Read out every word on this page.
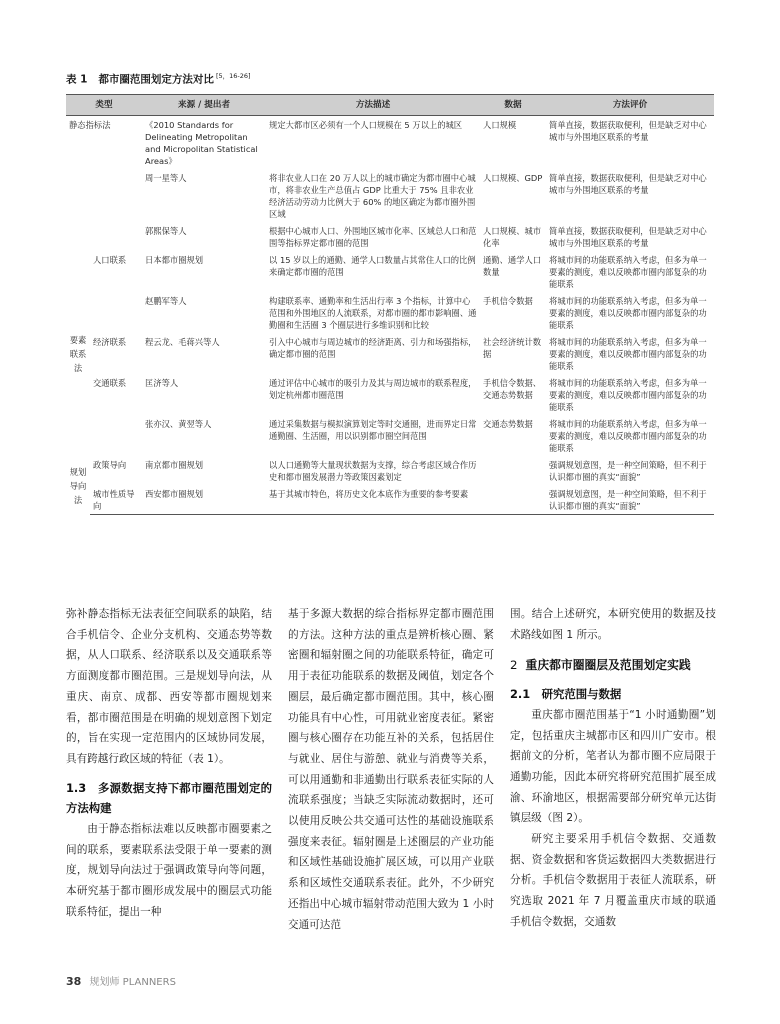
表 1 都市圈范围划定方法对比 [5，16-26]
类型		来源 / 提出者	方法描述	数据	方法评价
静态指标法		《2010 Standards for Delineating Metropolitan and Micropolitan Statistical Areas》	规定大都市区必须有一个人口规模在 5 万以上的城区	人口规模	简单直接，数据获取便利，但是缺乏对中心城市与外围地区联系的考量
		周一星等人	将非农业人口在 20 万人以上的城市确定为都市圈中心城市，将非农业生产总值占 GDP 比重大于 75% 且非农业经济活动劳动力比例大于 60% 的地区确定为都市圈外围区域	人口规模、GDP	简单直接，数据获取便利，但是缺乏对中心城市与外围地区联系的考量
		郭熙保等人	根据中心城市人口、外围地区城市化率、区域总人口和范围等指标界定都市圈的范围	人口规模、城市化率	简单直接，数据获取便利，但是缺乏对中心城市与外围地区联系的考量
要素联系法	人口联系	日本都市圈规划	以 15 岁以上的通勤、通学人口数量占其常住人口的比例来确定都市圈的范围	通勤、通学人口数量	将城市间的功能联系纳入考虑，但多为单一要素的测度，难以反映都市圈内部复杂的功能联系
		赵鹏军等人	构建联系率、通勤率和生活出行率 3 个指标，计算中心范围和外围地区的人流联系，对都市圈的都市影响圈、通勤圈和生活圈 3 个圈层进行多维识别和比较	手机信令数据	将城市间的功能联系纳入考虑，但多为单一要素的测度，难以反映都市圈内部复杂的功能联系
	经济联系	程云龙、毛蒋兴等人	引入中心城市与周边城市的经济距离、引力和场强指标，确定都市圈的范围	社会经济统计数据	将城市间的功能联系纳入考虑，但多为单一要素的测度，难以反映都市圈内部复杂的功能联系
	交通联系	匡济等人	通过评估中心城市的吸引力及其与周边城市的联系程度，划定杭州都市圈范围	手机信令数据、交通态势数据	将城市间的功能联系纳入考虑，但多为单一要素的测度，难以反映都市圈内部复杂的功能联系
		张亦汉、黄翌等人	通过采集数据与模拟演算划定等时交通圈，进而界定日常通勤圈、生活圈，用以识别都市圈空间范围	交通态势数据	将城市间的功能联系纳入考虑，但多为单一要素的测度，难以反映都市圈内部复杂的功能联系
规划导向法	政策导向	南京都市圈规划	以人口通勤等大量现状数据为支撑，综合考虑区域合作历史和都市圈发展潜力等政策因素划定		强调规划意图，是一种空间策略，但不利于认识都市圈的真实“面貌”
	城市性质导向	西安都市圈规划	基于其城市特色，将历史文化本底作为重要的参考要素		强调规划意图，是一种空间策略，但不利于认识都市圈的真实“面貌”

弥补静态指标无法表征空间联系的缺陷，结合手机信令、企业分支机构、交通态势等数据，从人口联系、经济联系以及交通联系等方面测度都市圈范围。三是规划导向法，从重庆、南京、成都、西安等都市圈规划来看，都市圈范围是在明确的规划意图下划定的，旨在实现一定范围内的区域协同发展，具有跨越行政区域的特征（表 1）。

1.3　多源数据支持下都市圈范围划定的方法构建

由于静态指标法难以反映都市圈要素之间的联系，要素联系法受限于单一要素的测度，规划导向法过于强调政策导向等问题，本研究基于都市圈形成发展中的圈层式功能联系特征，提出一种

基于多源大数据的综合指标界定都市圈范围的方法。这种方法的重点是辨析核心圈、紧密圈和辐射圈之间的功能联系特征，确定可用于表征功能联系的数据及阈值，划定各个圈层，最后确定都市圈范围。其中，核心圈功能具有中心性，可用就业密度表征。紧密圈与核心圈存在功能互补的关系，包括居住与就业、居住与游憩、就业与消费等关系，可以用通勤和非通勤出行联系表征实际的人流联系强度；当缺乏实际流动数据时，还可以使用反映公共交通可达性的基础设施联系强度来表征。辐射圈是上述圈层的产业功能和区域性基础设施扩展区域，可以用产业联系和区域性交通联系表征。此外，不少研究还指出中心城市辐射带动范围大致为 1 小时交通可达范

围。结合上述研究，本研究使用的数据及技术路线如图 1 所示。

2 重庆都市圈圈层及范围划定实践
2.1　研究范围与数据

重庆都市圈范围基于“1 小时通勤圈”划定，包括重庆主城都市区和四川广安市。根据前文的分析，笔者认为都市圈不应局限于通勤功能，因此本研究将研究范围扩展至成渝、环渝地区，根据需要部分研究单元达街镇层级（图 2）。

研究主要采用手机信令数据、交通数据、资金数据和客货运数据四大类数据进行分析。手机信令数据用于表征人流联系，研究选取 2021 年 7 月覆盖重庆市域的联通手机信令数据，交通数

38 规划师 PLANNERS
